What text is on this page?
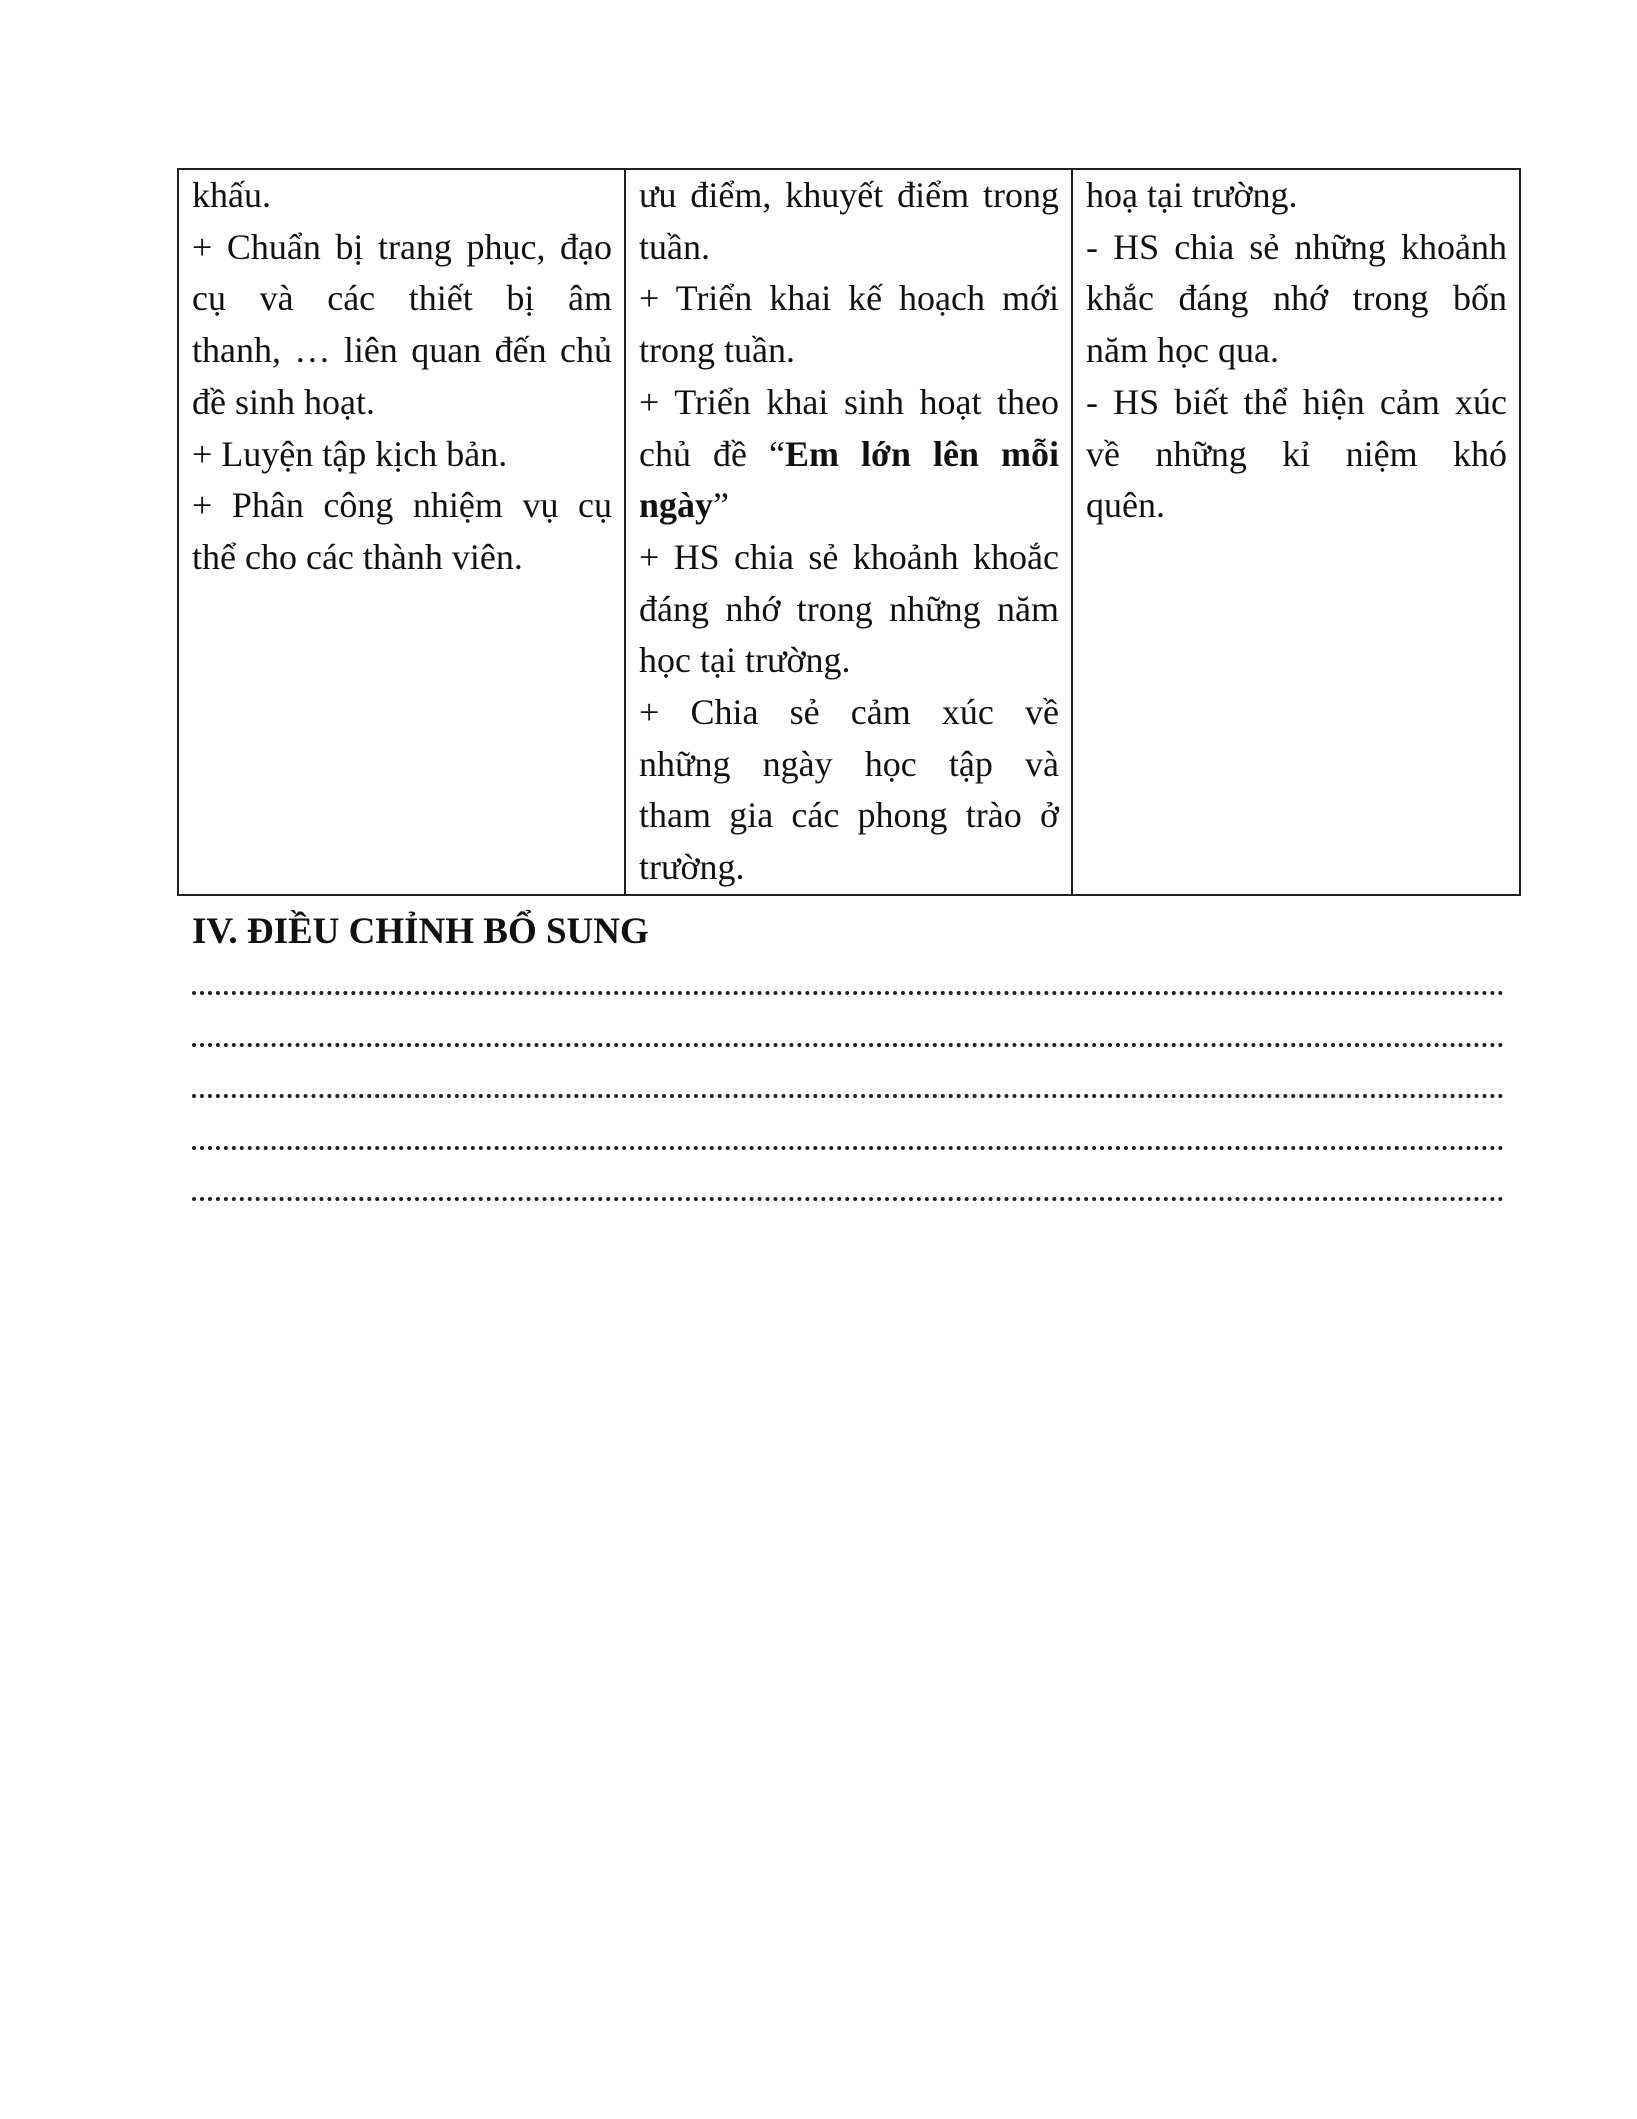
khấu.
+ Chuẩn bị trang phục, đạo
cụ và các thiết bị âm
thanh, … liên quan đến chủ
đề sinh hoạt.
+ Luyện tập kịch bản.
+ Phân công nhiệm vụ cụ
thể cho các thành viên.

ưu điểm, khuyết điểm trong
tuần.
+ Triển khai kế hoạch mới
trong tuần.
+ Triển khai sinh hoạt theo
chủ đề “Em lớn lên mỗi
ngày”
+ HS chia sẻ khoảnh khoắc
đáng nhớ trong những năm
học tại trường.
+ Chia sẻ cảm xúc về
những ngày học tập và
tham gia các phong trào ở
trường.

hoạ tại trường.
- HS chia sẻ những khoảnh
khắc đáng nhớ trong bốn
năm học qua.
- HS biết thể hiện cảm xúc
về những kỉ niệm khó
quên.
IV. ĐIỀU CHỈNH BỔ SUNG
